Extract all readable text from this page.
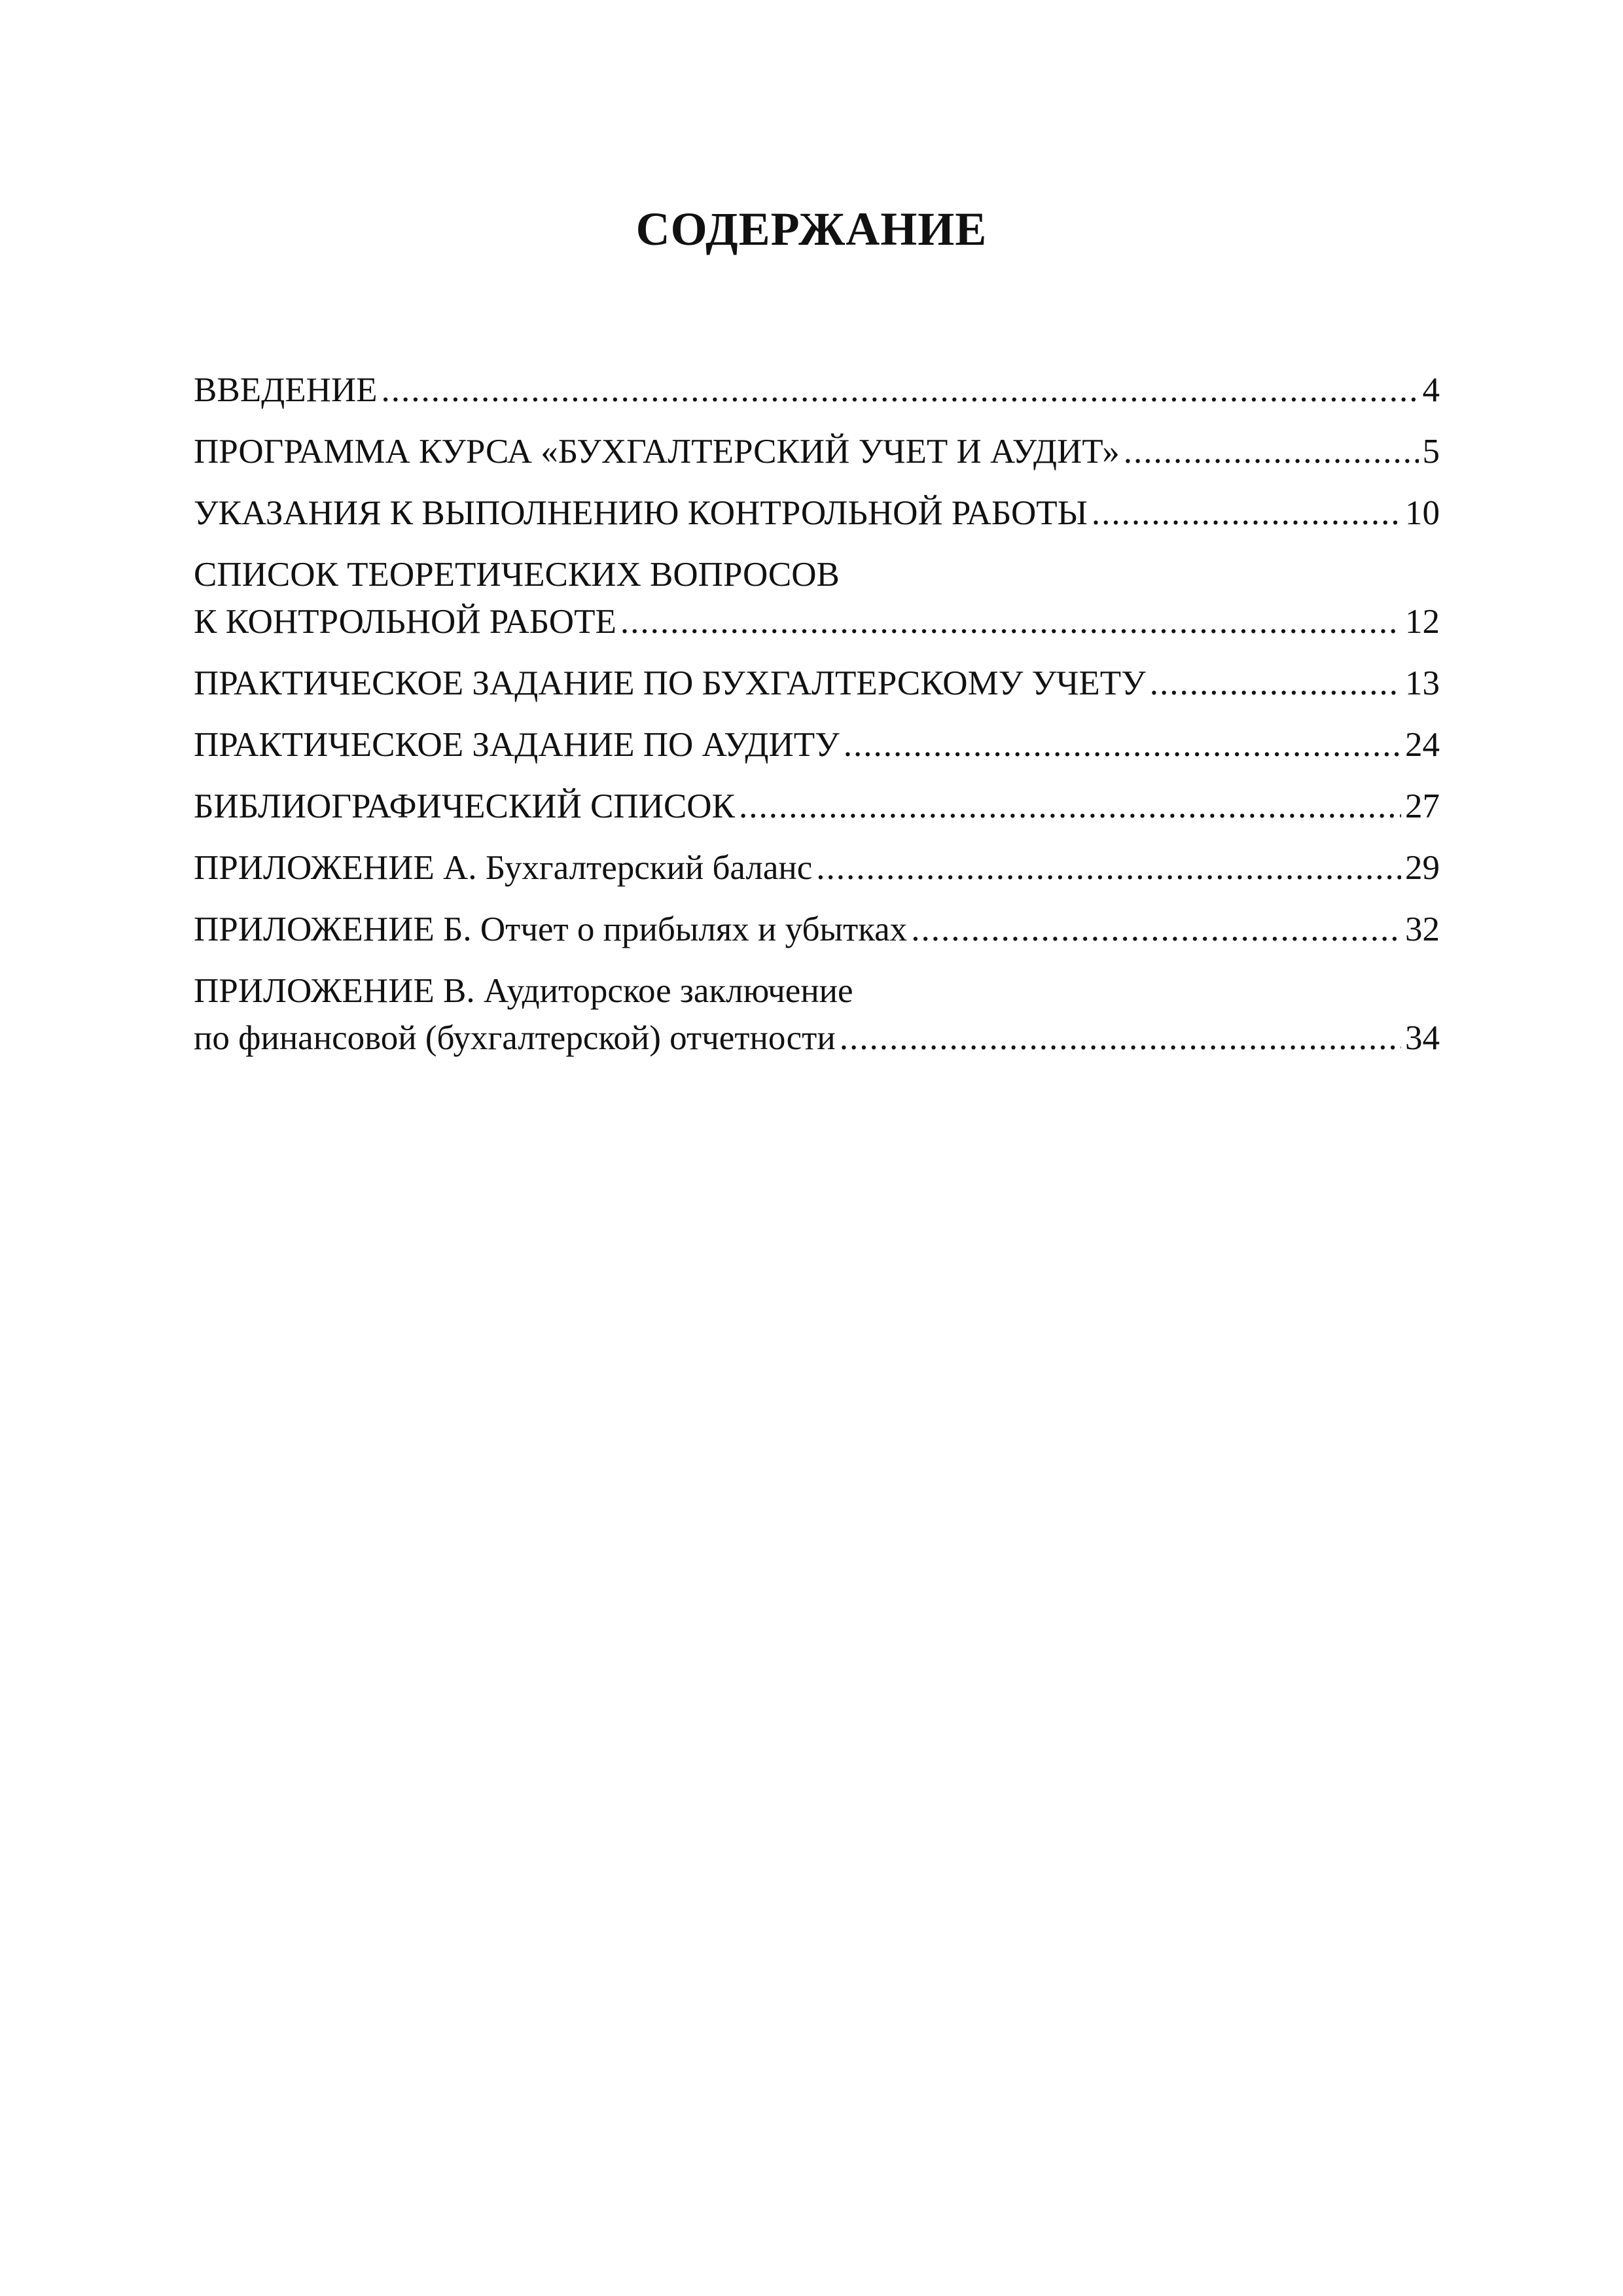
СОДЕРЖАНИЕ
ВВЕДЕНИЕ .....	4
ПРОГРАММА КУРСА «БУХГАЛТЕРСКИЙ УЧЕТ И АУДИТ» .....	5
УКАЗАНИЯ К ВЫПОЛНЕНИЮ КОНТРОЛЬНОЙ РАБОТЫ .....	10
СПИСОК ТЕОРЕТИЧЕСКИХ ВОПРОСОВ
К КОНТРОЛЬНОЙ РАБОТЕ .....	12
ПРАКТИЧЕСКОЕ ЗАДАНИЕ ПО БУХГАЛТЕРСКОМУ УЧЕТУ .....	13
ПРАКТИЧЕСКОЕ ЗАДАНИЕ ПО АУДИТУ .....	24
БИБЛИОГРАФИЧЕСКИЙ СПИСОК .....	27
ПРИЛОЖЕНИЕ А. Бухгалтерский баланс .....	29
ПРИЛОЖЕНИЕ Б. Отчет о прибылях и убытках .....	32
ПРИЛОЖЕНИЕ В. Аудиторское заключение
по финансовой (бухгалтерской) отчетности .....	34
